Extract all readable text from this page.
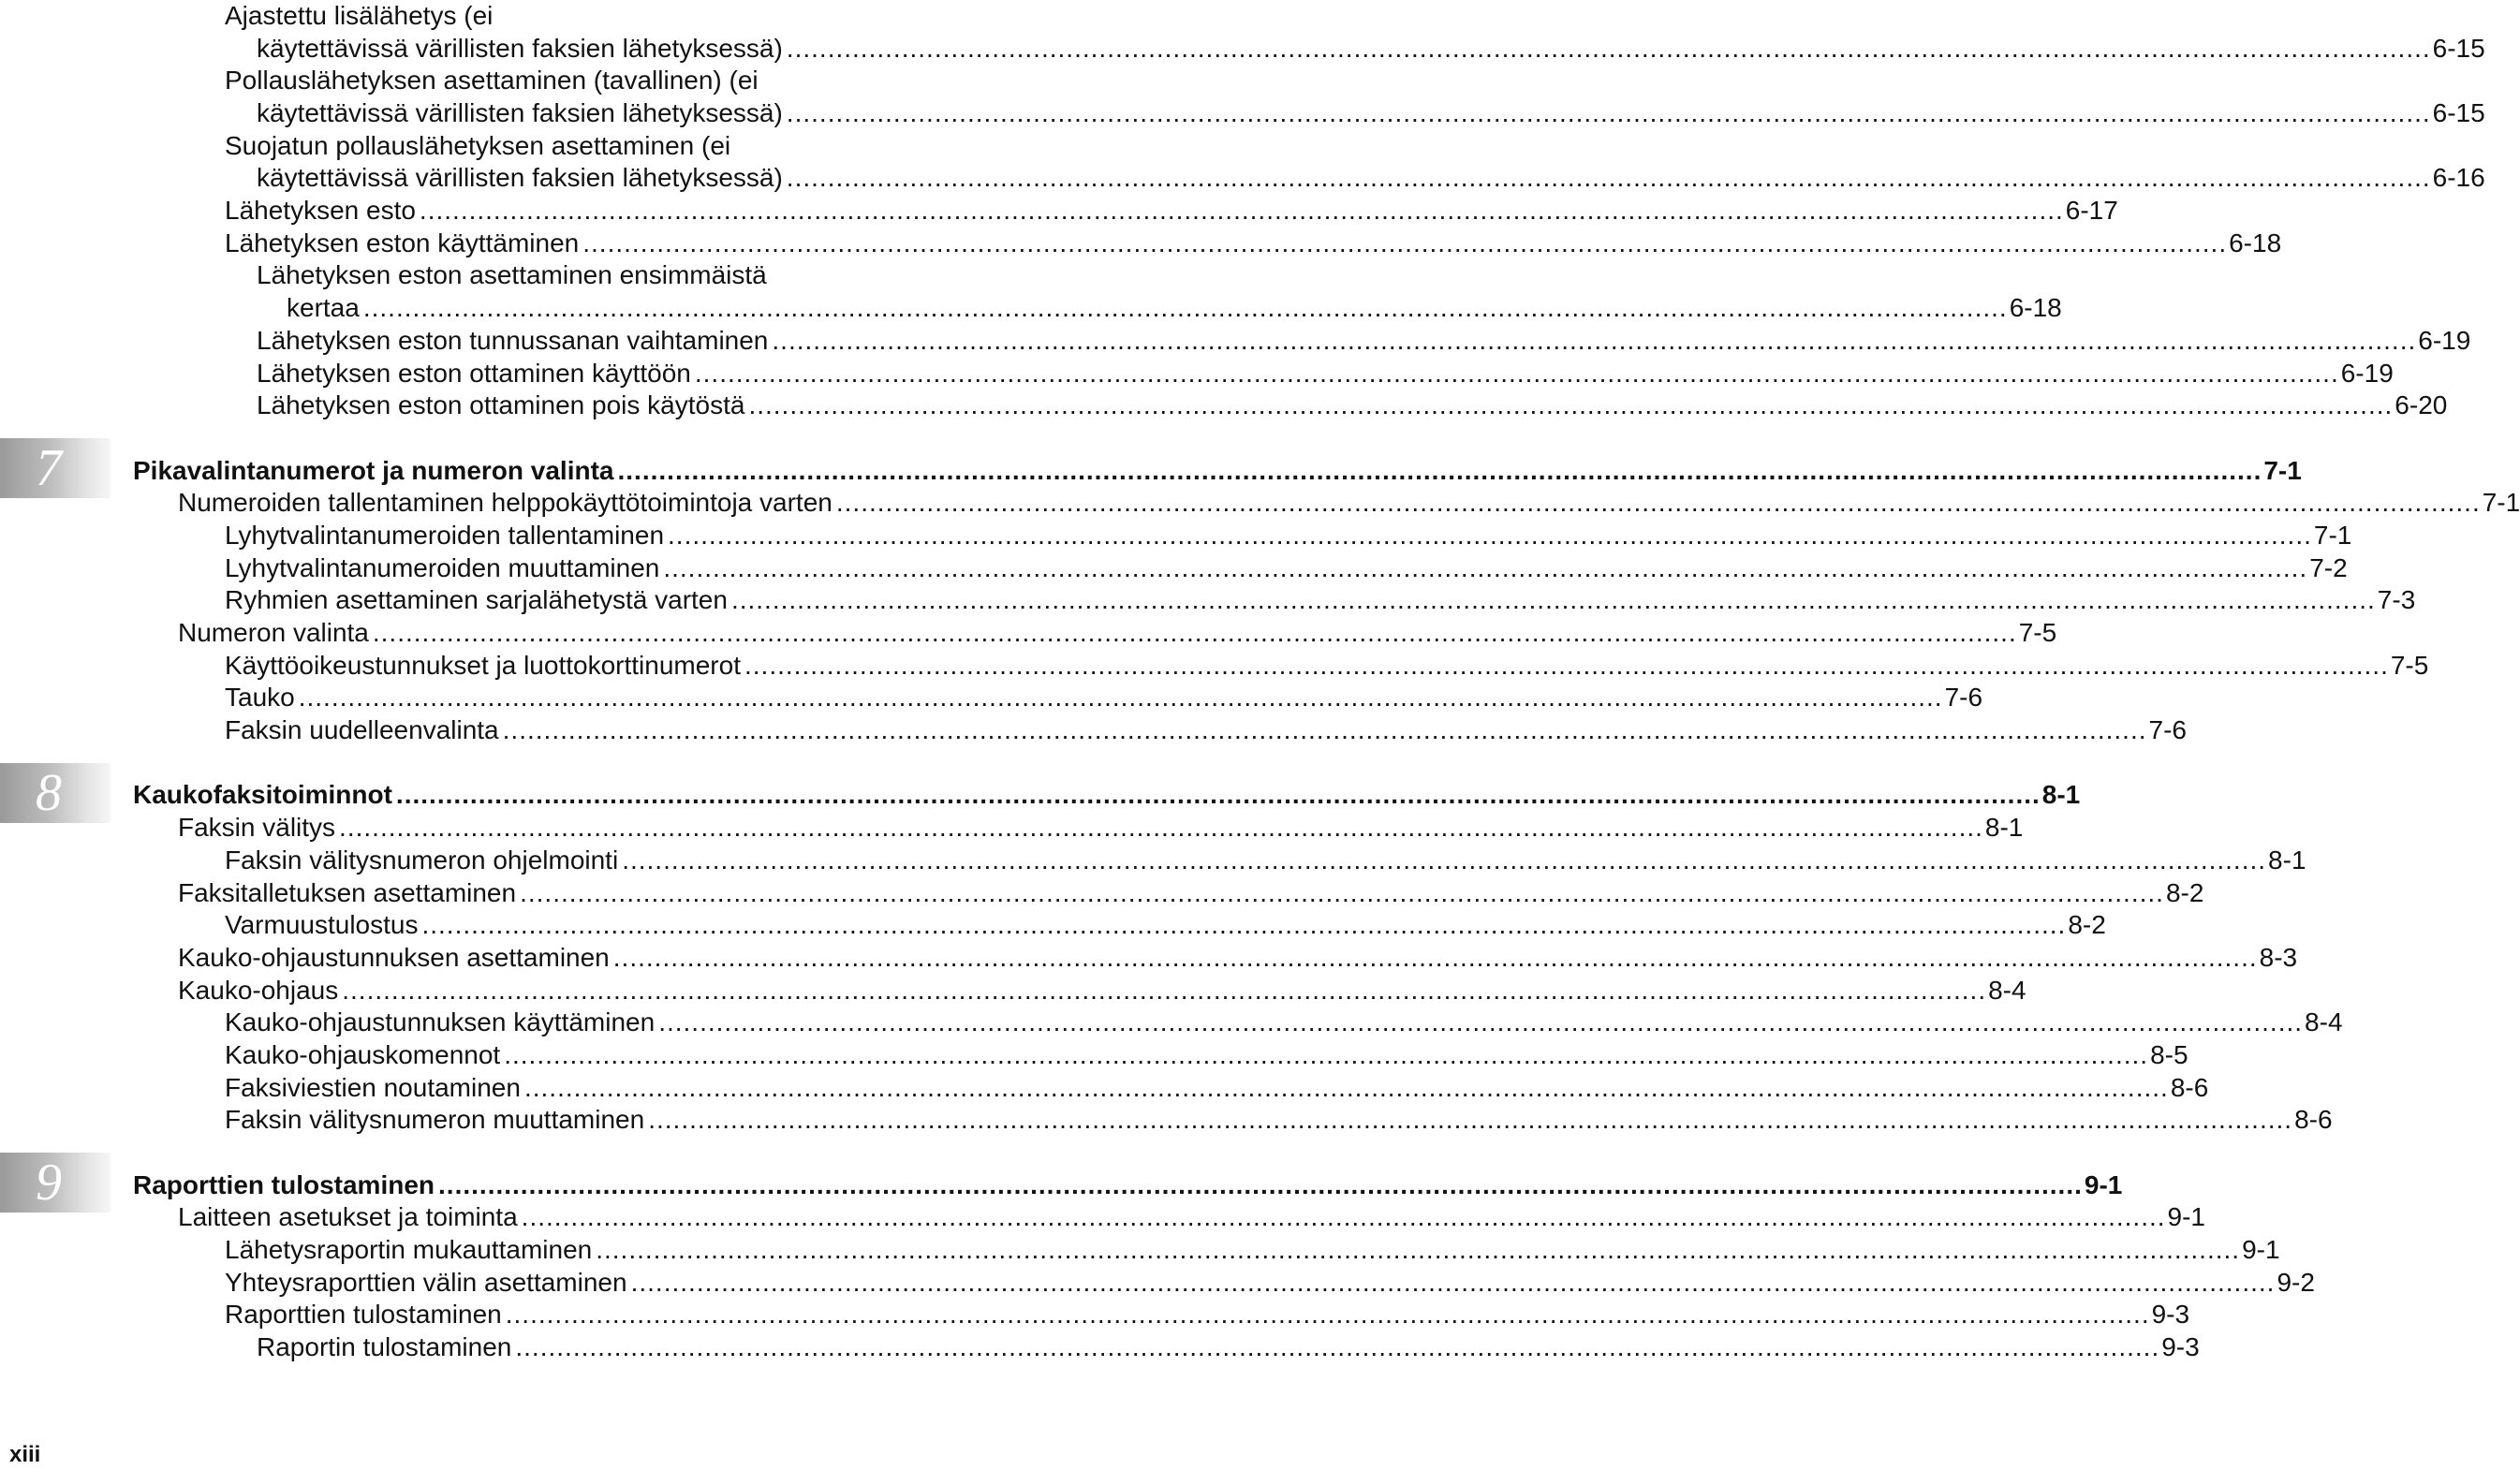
Ajastettu lisälähetys (ei
käytettävissä värillisten faksien lähetyksessä) ........................................................................................................................................................................................................ 6-15
Pollauslähetyksen asettaminen (tavallinen) (ei
käytettävissä värillisten faksien lähetyksessä) ........................................................................................................................................................................................................ 6-15
Suojatun pollauslähetyksen asettaminen (ei
käytettävissä värillisten faksien lähetyksessä) ........................................................................................................................................................................................................ 6-16
Lähetyksen esto ........................................................................................................................................................................................................ 6-17
Lähetyksen eston käyttäminen ........................................................................................................................................................................................................ 6-18
Lähetyksen eston asettaminen ensimmäistä
kertaa ........................................................................................................................................................................................................ 6-18
Lähetyksen eston tunnussanan vaihtaminen ........................................................................................................................................................................................................ 6-19
Lähetyksen eston ottaminen käyttöön ........................................................................................................................................................................................................ 6-19
Lähetyksen eston ottaminen pois käytöstä ........................................................................................................................................................................................................ 6-20
7	Pikavalintanumerot ja numeron valinta ........................................................................................................................................................................................................ 7-1
Numeroiden tallentaminen helppokäyttötoimintoja varten ........................................................................................................................................................................................................ 7-1
Lyhytvalintanumeroiden tallentaminen ........................................................................................................................................................................................................ 7-1
Lyhytvalintanumeroiden muuttaminen ........................................................................................................................................................................................................ 7-2
Ryhmien asettaminen sarjalähetystä varten ........................................................................................................................................................................................................ 7-3
Numeron valinta ........................................................................................................................................................................................................ 7-5
Käyttöoikeustunnukset ja luottokorttinumerot ........................................................................................................................................................................................................ 7-5
Tauko ........................................................................................................................................................................................................ 7-6
Faksin uudelleenvalinta ........................................................................................................................................................................................................ 7-6
8	Kaukofaksitoiminnot ........................................................................................................................................................................................................ 8-1
Faksin välitys ........................................................................................................................................................................................................ 8-1
Faksin välitysnumeron ohjelmointi ........................................................................................................................................................................................................ 8-1
Faksitalletuksen asettaminen ........................................................................................................................................................................................................ 8-2
Varmuustulostus ........................................................................................................................................................................................................ 8-2
Kauko-ohjaustunnuksen asettaminen ........................................................................................................................................................................................................ 8-3
Kauko-ohjaus ........................................................................................................................................................................................................ 8-4
Kauko-ohjaustunnuksen käyttäminen ........................................................................................................................................................................................................ 8-4
Kauko-ohjauskomennot ........................................................................................................................................................................................................ 8-5
Faksiviestien noutaminen ........................................................................................................................................................................................................ 8-6
Faksin välitysnumeron muuttaminen ........................................................................................................................................................................................................ 8-6
9	Raporttien tulostaminen ........................................................................................................................................................................................................ 9-1
Laitteen asetukset ja toiminta ........................................................................................................................................................................................................ 9-1
Lähetysraportin mukauttaminen ........................................................................................................................................................................................................ 9-1
Yhteysraporttien välin asettaminen ........................................................................................................................................................................................................ 9-2
Raporttien tulostaminen ........................................................................................................................................................................................................ 9-3
Raportin tulostaminen ........................................................................................................................................................................................................ 9-3
xiii
